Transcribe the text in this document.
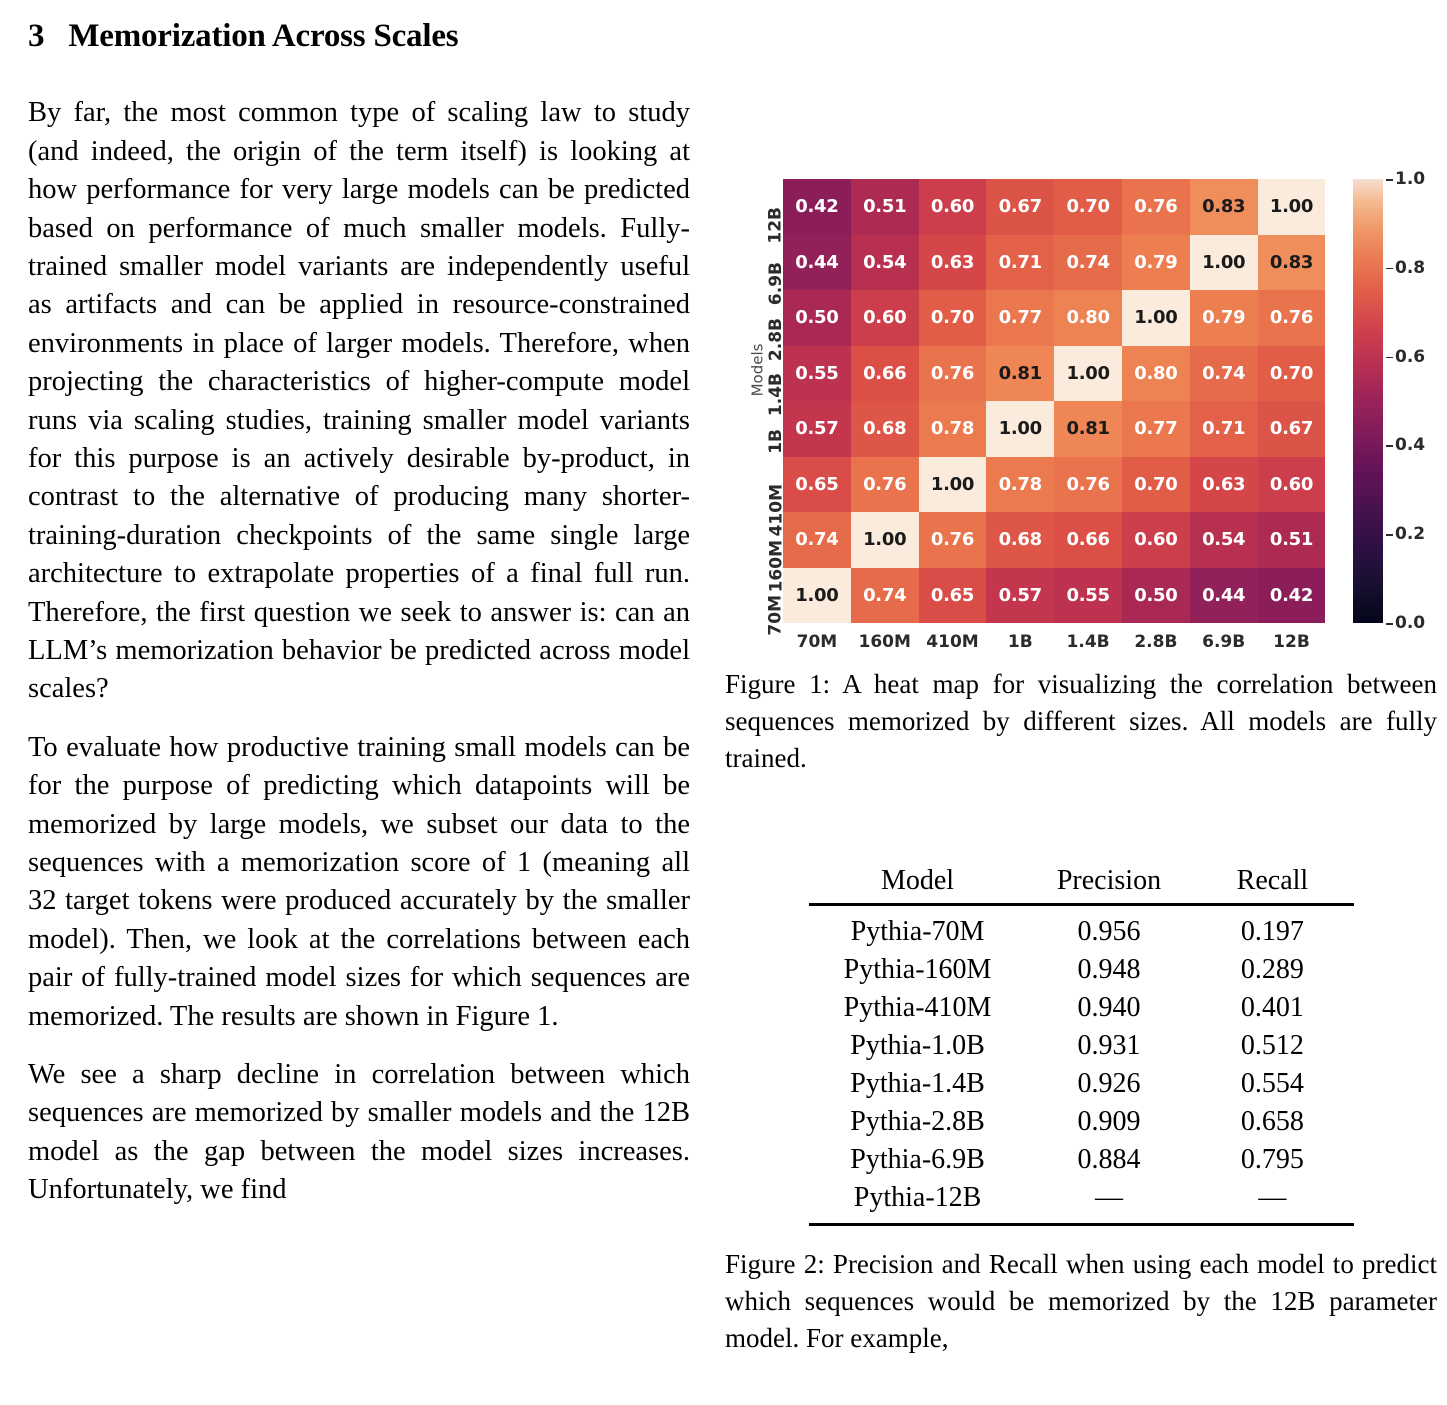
3 Memorization Across Scales

By far, the most common type of scaling law to study (and indeed, the origin of the term itself) is looking at how performance for very large models can be predicted based on performance of much smaller models. Fully-trained smaller model variants are independently useful as artifacts and can be applied in resource-constrained environments in place of larger models. Therefore, when projecting the characteristics of higher-compute model runs via scaling studies, training smaller model variants for this purpose is an actively desirable by-product, in contrast to the alternative of producing many shorter-training-duration checkpoints of the same single large architecture to extrapolate properties of a final full run. Therefore, the first question we seek to answer is: can an LLM’s memorization behavior be predicted across model scales?

To evaluate how productive training small models can be for the purpose of predicting which datapoints will be memorized by large models, we subset our data to the sequences with a memorization score of 1 (meaning all 32 target tokens were produced accurately by the smaller model). Then, we look at the correlations between each pair of fully-trained model sizes for which sequences are memorized. The results are shown in Figure 1.

We see a sharp decline in correlation between which sequences are memorized by smaller models and the 12B model as the gap between the model sizes increases. Unfortunately, we find

Models
12B
6.9B
2.8B
1.4B
1B
410M
160M
70M
0.42	0.51	0.60	0.67	0.70	0.76	0.83	1.00
0.44	0.54	0.63	0.71	0.74	0.79	1.00	0.83
0.50	0.60	0.70	0.77	0.80	1.00	0.79	0.76
0.55	0.66	0.76	0.81	1.00	0.80	0.74	0.70
0.57	0.68	0.78	1.00	0.81	0.77	0.71	0.67
0.65	0.76	1.00	0.78	0.76	0.70	0.63	0.60
0.74	1.00	0.76	0.68	0.66	0.60	0.54	0.51
1.00	0.74	0.65	0.57	0.55	0.50	0.44	0.42
70M	160M 410M	1B	1.4B	2.8B	6.9B	12B
0.0
0.2
0.4
0.6
0.8
1.0
Figure 1: A heat map for visualizing the correlation between sequences memorized by different sizes. All models are fully trained.
Model	Precision	Recall
Pythia-70M	0.956	0.197
Pythia-160M	0.948	0.289
Pythia-410M	0.940	0.401
Pythia-1.0B	0.931	0.512
Pythia-1.4B	0.926	0.554
Pythia-2.8B	0.909	0.658
Pythia-6.9B	0.884	0.795
Pythia-12B	—	—
Figure 2: Precision and Recall when using each model to predict which sequences would be memorized by the 12B parameter model. For example,
